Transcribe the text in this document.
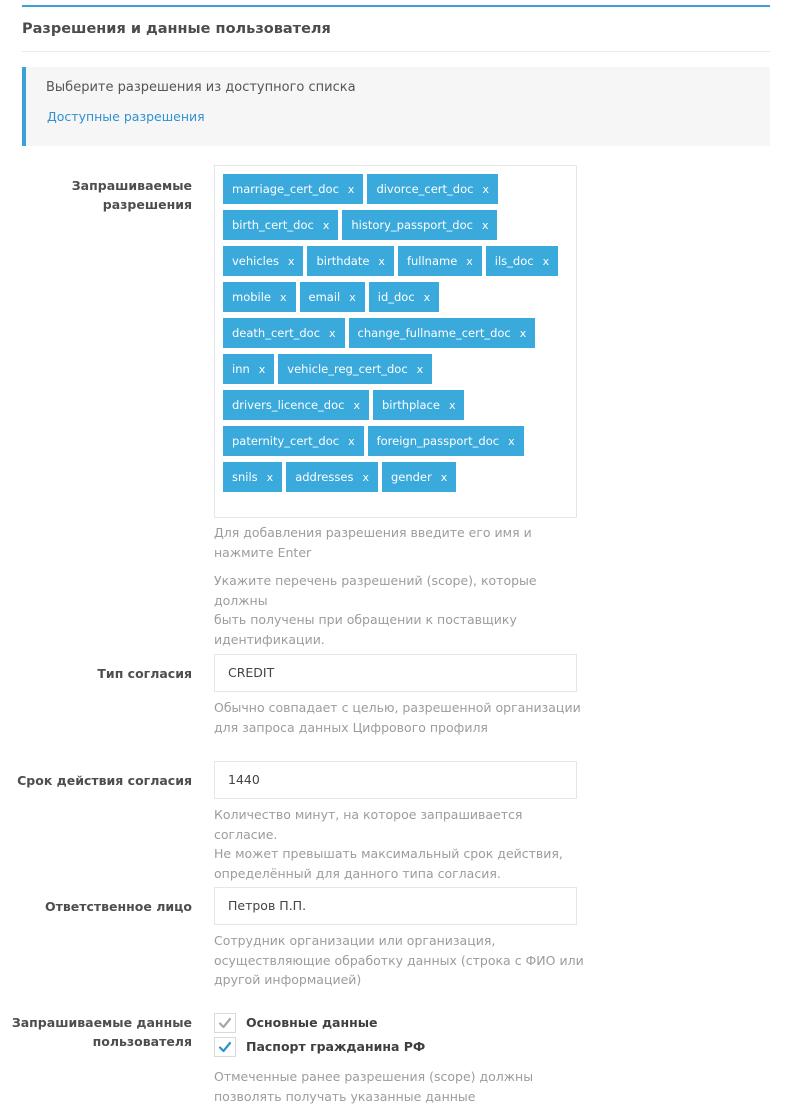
Разрешения и данные пользователя
Выберите разрешения из доступного списка
Доступные разрешения
Запрашиваемые
разрешения
marriage_cert_doc x divorce_cert_doc xbirth_cert_doc x history_passport_doc xvehicles x birthdate x fullname x ils_doc xmobile x email x id_doc xdeath_cert_doc x change_fullname_cert_doc xinn x vehicle_reg_cert_doc xdrivers_licence_doc x birthplace xpaternity_cert_doc x foreign_passport_doc xsnils x addresses x gender x
Для добавления разрешения введите его имя и
нажмите Enter
Укажите перечень разрешений (scope), которые должны
быть получены при обращении к поставщику
идентификации.
Тип согласия	CREDIT
Обычно совпадает с целью, разрешенной организации
для запроса данных Цифрового профиля
Срок действия согласия	1440
Количество минут, на которое запрашивается согласие.
Не может превышать максимальный срок действия,
определённый для данного типа согласия.
Ответственное лицо	Петров П.П.
Сотрудник организации или организация,
осуществляющие обработку данных (строка с ФИО или
другой информацией)
Запрашиваемые данные
пользователя
Основные данные
Паспорт гражданина РФ
Отмеченные ранее разрешения (scope) должны
позволять получать указанные данные
